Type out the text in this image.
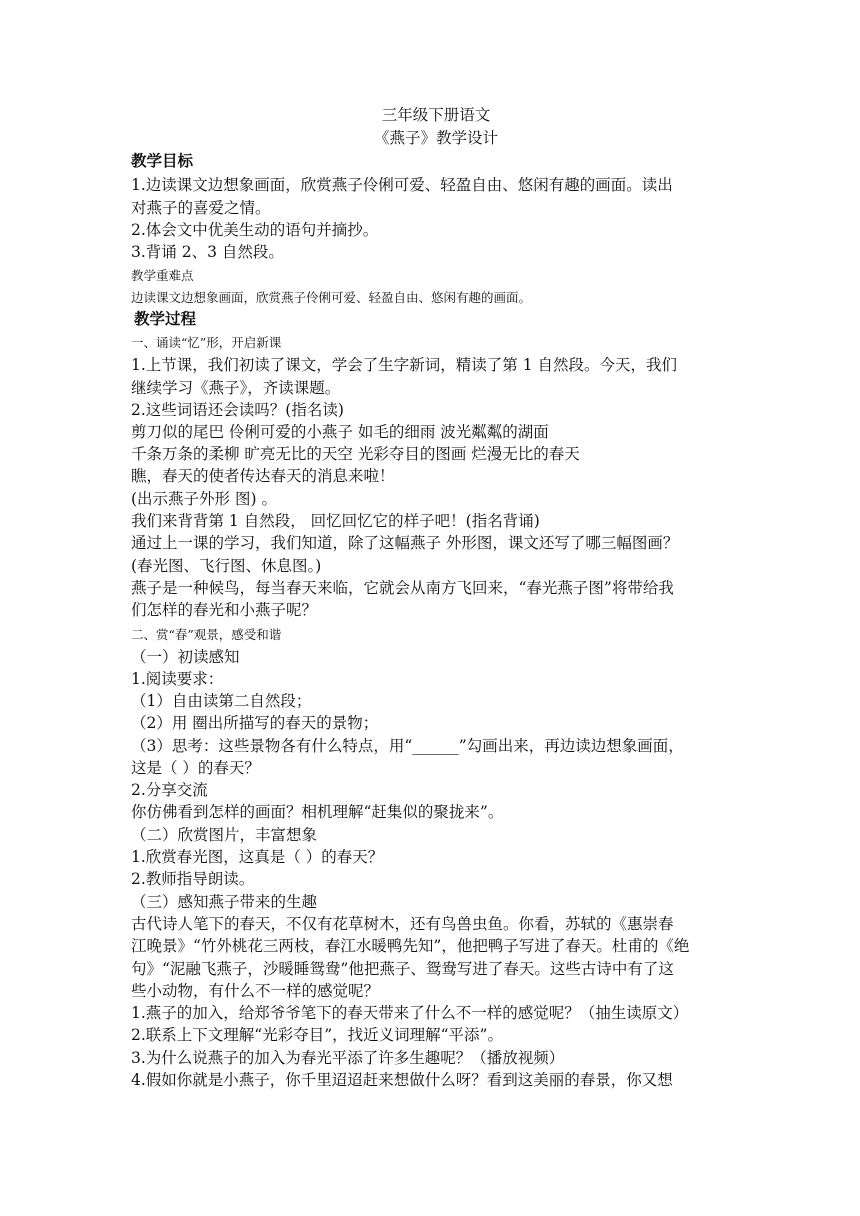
三年级下册语文
《燕子》教学设计
教学目标
1.边读课文边想象画面，欣赏燕子伶俐可爱、轻盈自由、悠闲有趣的画面。读出
对燕子的喜爱之情。
2.体会文中优美生动的语句并摘抄。
3.背诵 2、3 自然段。
教学重难点
边读课文边想象画面，欣赏燕子伶俐可爱、轻盈自由、悠闲有趣的画面。
教学过程
一、诵读“忆”形，开启新课
1.上节课，我们初读了课文，学会了生字新词，精读了第 1 自然段。今天，我们
继续学习《燕子》，齐读课题。
2.这些词语还会读吗？(指名读)
剪刀似的尾巴 伶俐可爱的小燕子 如毛的细雨 波光粼粼的湖面
千条万条的柔柳 旷亮无比的天空 光彩夺目的图画 烂漫无比的春天
瞧，春天的使者传达春天的消息来啦！
(出示燕子外形 图) 。
我们来背背第 1 自然段， 回忆回忆它的样子吧！(指名背诵)
通过上一课的学习，我们知道，除了这幅燕子 外形图，课文还写了哪三幅图画？
(春光图、飞行图、休息图。)
燕子是一种候鸟，每当春天来临，它就会从南方飞回来，“春光燕子图”将带给我
们怎样的春光和小燕子呢？
二、赏“春”观景，感受和谐
（一）初读感知
1.阅读要求：
（1）自由读第二自然段；
（2）用 圈出所描写的春天的景物；
（3）思考：这些景物各有什么特点，用“______”勾画出来，再边读边想象画面，
这是（ ）的春天？
2.分享交流
你仿佛看到怎样的画面？相机理解“赶集似的聚拢来”。
（二）欣赏图片，丰富想象
1.欣赏春光图，这真是（ ）的春天？
2.教师指导朗读。
（三）感知燕子带来的生趣
古代诗人笔下的春天，不仅有花草树木，还有鸟兽虫鱼。你看，苏轼的《惠崇春
江晚景》“竹外桃花三两枝，春江水暖鸭先知”，他把鸭子写进了春天。杜甫的《绝
句》“泥融飞燕子，沙暖睡鸳鸯”他把燕子、鸳鸯写进了春天。这些古诗中有了这
些小动物，有什么不一样的感觉呢？
1.燕子的加入，给郑爷爷笔下的春天带来了什么不一样的感觉呢？（抽生读原文）
2.联系上下文理解“光彩夺目”，找近义词理解“平添”。
3.为什么说燕子的加入为春光平添了许多生趣呢？（播放视频）
4.假如你就是小燕子，你千里迢迢赶来想做什么呀？看到这美丽的春景，你又想
